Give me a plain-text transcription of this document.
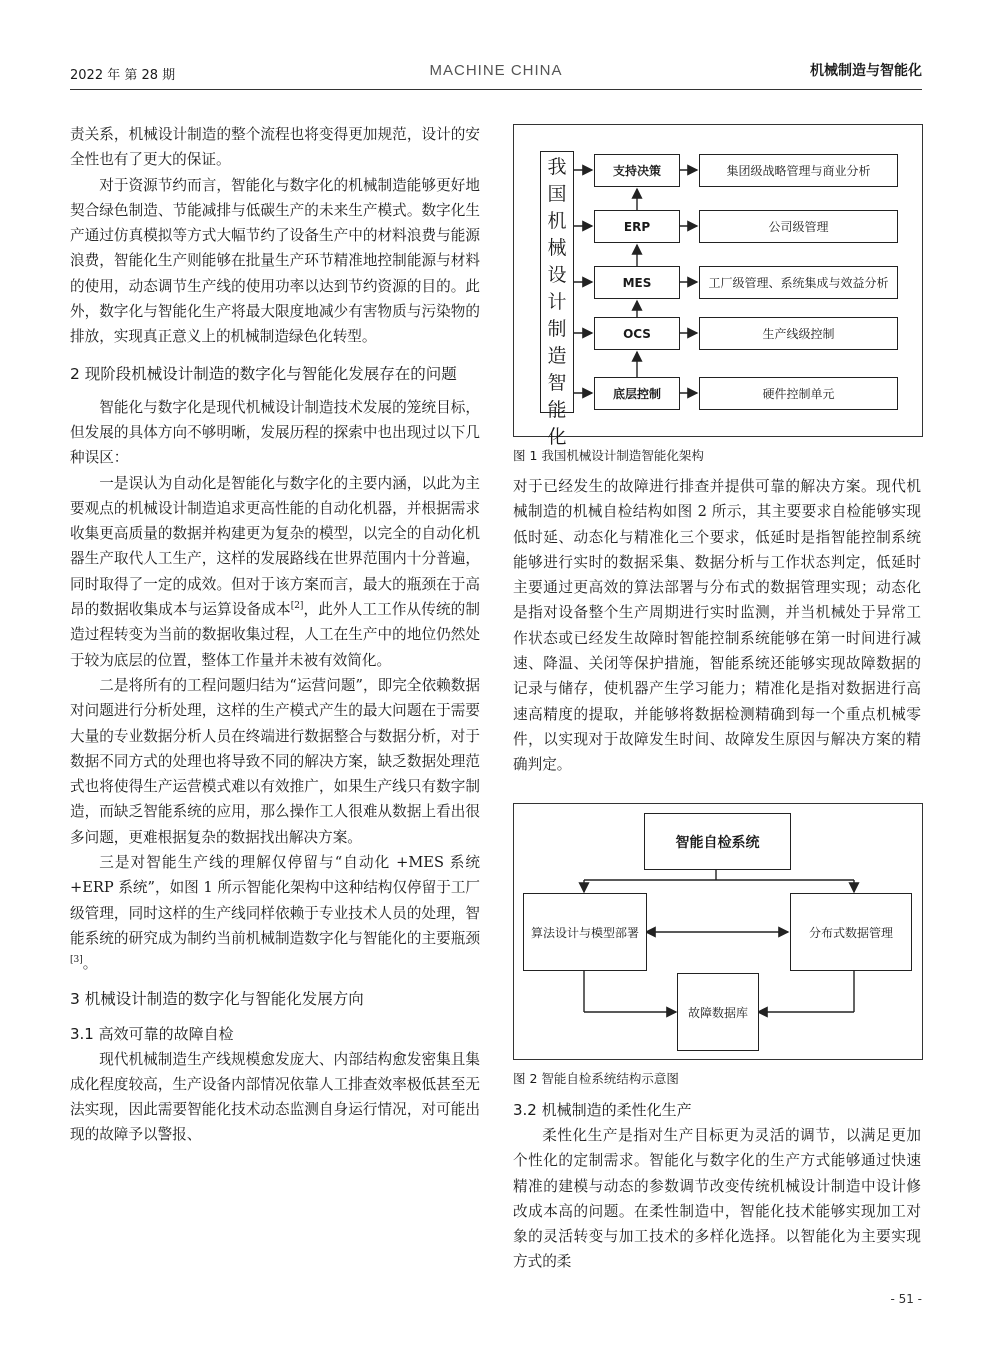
2022 年 第 28 期	MACHINE CHINA	机械制造与智能化

责关系，机械设计制造的整个流程也将变得更加规范，设计的安全性也有了更大的保证。

对于资源节约而言，智能化与数字化的机械制造能够更好地契合绿色制造、节能减排与低碳生产的未来生产模式。数字化生产通过仿真模拟等方式大幅节约了设备生产中的材料浪费与能源浪费，智能化生产则能够在批量生产环节精准地控制能源与材料的使用，动态调节生产线的使用功率以达到节约资源的目的。此外，数字化与智能化生产将最大限度地减少有害物质与污染物的排放，实现真正意义上的机械制造绿色化转型。

2 现阶段机械设计制造的数字化与智能化发展存在的问题

智能化与数字化是现代机械设计制造技术发展的笼统目标，但发展的具体方向不够明晰，发展历程的探索中也出现过以下几种误区：

一是误认为自动化是智能化与数字化的主要内涵，以此为主要观点的机械设计制造追求更高性能的自动化机器，并根据需求收集更高质量的数据并构建更为复杂的模型，以完全的自动化机器生产取代人工生产，这样的发展路线在世界范围内十分普遍，同时取得了一定的成效。但对于该方案而言，最大的瓶颈在于高昂的数据收集成本与运算设备成本[2]，此外人工工作从传统的制造过程转变为当前的数据收集过程，人工在生产中的地位仍然处于较为底层的位置，整体工作量并未被有效简化。

二是将所有的工程问题归结为“运营问题”，即完全依赖数据对问题进行分析处理，这样的生产模式产生的最大问题在于需要大量的专业数据分析人员在终端进行数据整合与数据分析，对于数据不同方式的处理也将导致不同的解决方案，缺乏数据处理范式也将使得生产运营模式难以有效推广，如果生产线只有数字制造，而缺乏智能系统的应用，那么操作工人很难从数据上看出很多问题，更难根据复杂的数据找出解决方案。

三是对智能生产线的理解仅停留与“自动化 +MES 系统 +ERP 系统”，如图 1 所示智能化架构中这种结构仅停留于工厂级管理，同时这样的生产线同样依赖于专业技术人员的处理，智能系统的研究成为制约当前机械制造数字化与智能化的主要瓶颈[3]。

3 机械设计制造的数字化与智能化发展方向
3.1 高效可靠的故障自检

现代机械制造生产线规模愈发庞大、内部结构愈发密集且集成化程度较高，生产设备内部情况依靠人工排查效率极低甚至无法实现，因此需要智能化技术动态监测自身运行情况，对可能出现的故障予以警报、

我
国
机
械
设
计
制
造
智
能
化
支持决策
ERP
MES
OCS
底层控制
集团级战略管理与商业分析
公司级管理
工厂级管理、系统集成与效益分析
生产线级控制
硬件控制单元
图 1 我国机械设计制造智能化架构

对于已经发生的故障进行排查并提供可靠的解决方案。现代机械制造的机械自检结构如图 2 所示，其主要要求自检能够实现低时延、动态化与精准化三个要求，低延时是指智能控制系统能够进行实时的数据采集、数据分析与工作状态判定，低延时主要通过更高效的算法部署与分布式的数据管理实现；动态化是指对设备整个生产周期进行实时监测，并当机械处于异常工作状态或已经发生故障时智能控制系统能够在第一时间进行减速、降温、关闭等保护措施，智能系统还能够实现故障数据的记录与储存，使机器产生学习能力；精准化是指对数据进行高速高精度的提取，并能够将数据检测精确到每一个重点机械零件，以实现对于故障发生时间、故障发生原因与解决方案的精确判定。

智能自检系统
算法设计与模型部署	分布式数据管理
故障数据库
图 2 智能自检系统结构示意图
3.2 机械制造的柔性化生产

柔性化生产是指对生产目标更为灵活的调节，以满足更加个性化的定制需求。智能化与数字化的生产方式能够通过快速精准的建模与动态的参数调节改变传统机械设计制造中设计修改成本高的问题。在柔性制造中，智能化技术能够实现加工对象的灵活转变与加工技术的多样化选择。以智能化为主要实现方式的柔

- 51 -
